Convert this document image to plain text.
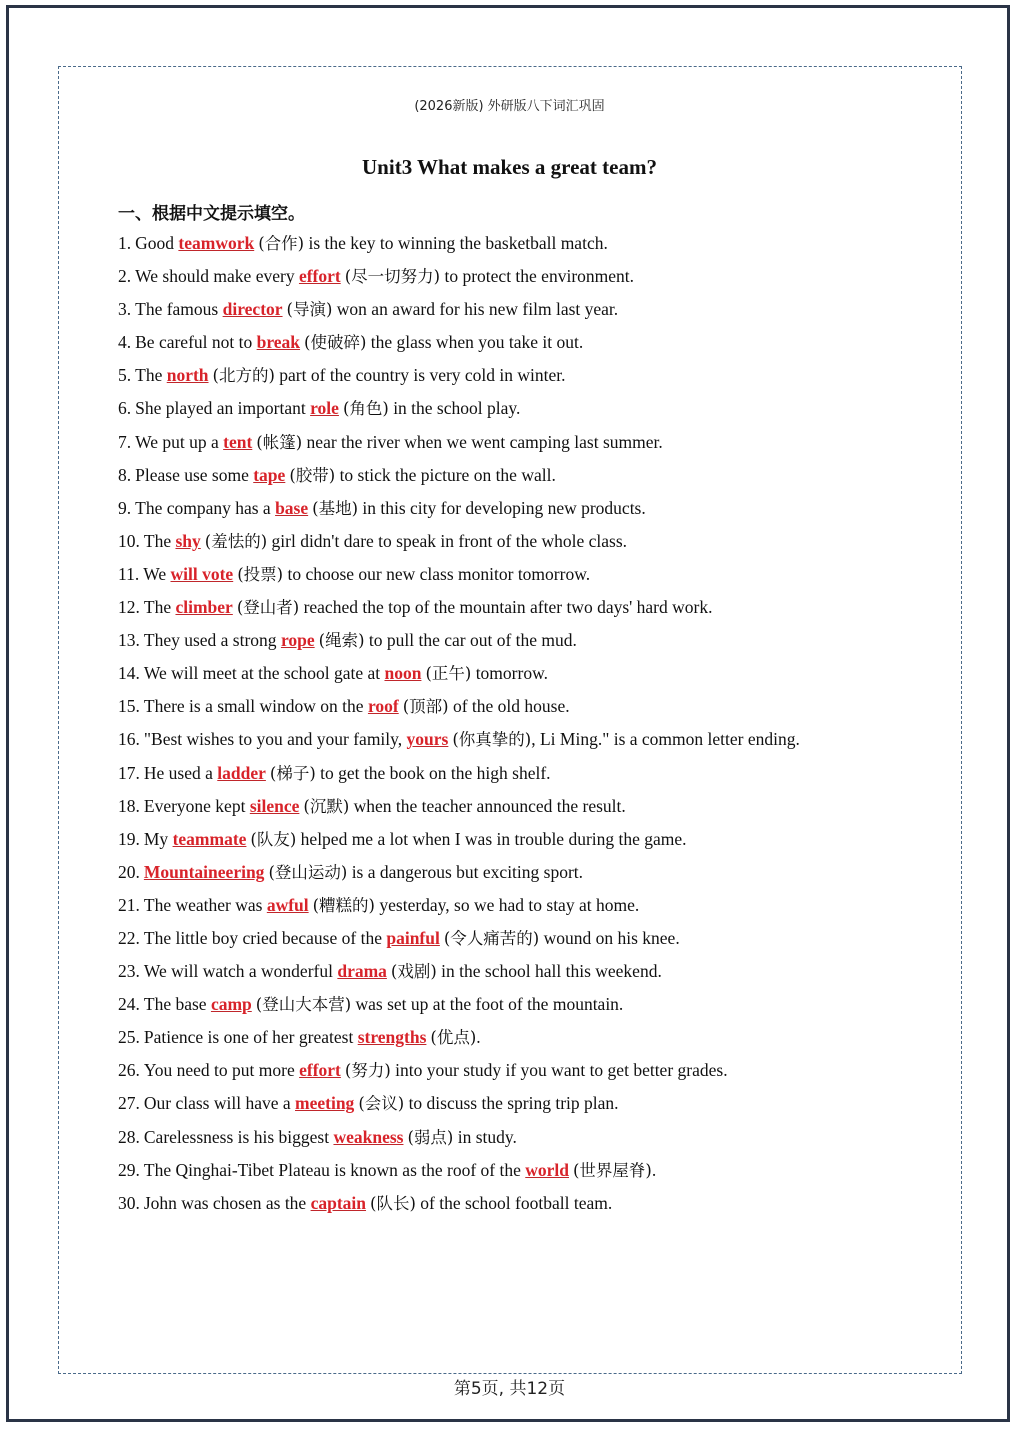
(2026新版) 外研版八下词汇巩固
Unit3 What makes a great team?
一、根据中文提示填空。
1. Good teamwork (合作) is the key to winning the basketball match.
2. We should make every effort (尽一切努力) to protect the environment.
3. The famous director (导演) won an award for his new film last year.
4. Be careful not to break (使破碎) the glass when you take it out.
5. The north (北方的) part of the country is very cold in winter.
6. She played an important role (角色) in the school play.
7. We put up a tent (帐篷) near the river when we went camping last summer.
8. Please use some tape (胶带) to stick the picture on the wall.
9. The company has a base (基地) in this city for developing new products.
10. The shy (羞怯的) girl didn't dare to speak in front of the whole class.
11. We will vote (投票) to choose our new class monitor tomorrow.
12. The climber (登山者) reached the top of the mountain after two days' hard work.
13. They used a strong rope (绳索) to pull the car out of the mud.
14. We will meet at the school gate at noon (正午) tomorrow.
15. There is a small window on the roof (顶部) of the old house.
16. "Best wishes to you and your family, yours (你真挚的), Li Ming." is a common letter ending.
17. He used a ladder (梯子) to get the book on the high shelf.
18. Everyone kept silence (沉默) when the teacher announced the result.
19. My teammate (队友) helped me a lot when I was in trouble during the game.
20. Mountaineering (登山运动) is a dangerous but exciting sport.
21. The weather was awful (糟糕的) yesterday, so we had to stay at home.
22. The little boy cried because of the painful (令人痛苦的) wound on his knee.
23. We will watch a wonderful drama (戏剧) in the school hall this weekend.
24. The base camp (登山大本营) was set up at the foot of the mountain.
25. Patience is one of her greatest strengths (优点).
26. You need to put more effort (努力) into your study if you want to get better grades.
27. Our class will have a meeting (会议) to discuss the spring trip plan.
28. Carelessness is his biggest weakness (弱点) in study.
29. The Qinghai-Tibet Plateau is known as the roof of the world (世界屋脊).
30. John was chosen as the captain (队长) of the school football team.
第5页, 共12页
